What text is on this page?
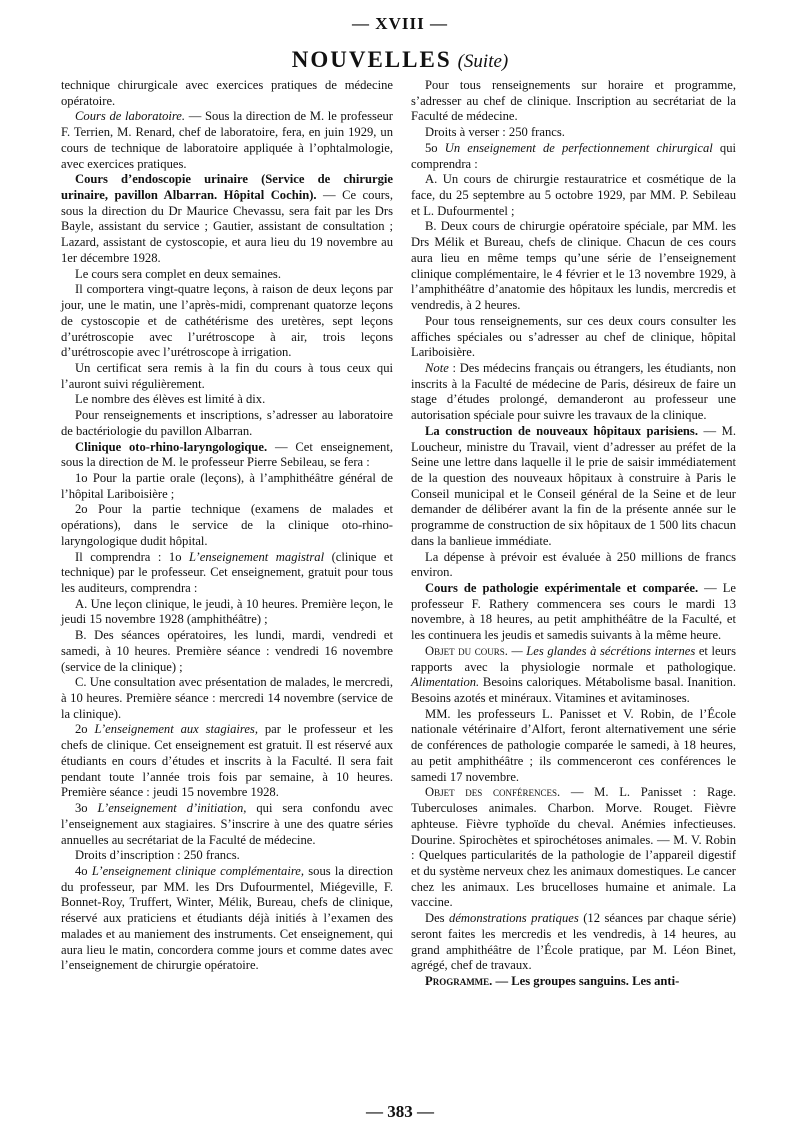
— XVIII —
NOUVELLES (Suite)

technique chirurgicale avec exercices pratiques de médecine opératoire.

Cours de laboratoire. — Sous la direction de M. le professeur F. Terrien, M. Renard, chef de laboratoire, fera, en juin 1929, un cours de technique de laboratoire appliquée à l’ophtalmologie, avec exercices pratiques.

Cours d’endoscopie urinaire (Service de chirurgie urinaire, pavillon Albarran. Hôpital Cochin). — Ce cours, sous la direction du Dr Maurice Chevassu, sera fait par les Drs Bayle, assistant du service ; Gautier, assistant de consultation ; Lazard, assistant de cystoscopie, et aura lieu du 19 novembre au 1er décembre 1928.

Le cours sera complet en deux semaines.

Il comportera vingt-quatre leçons, à raison de deux leçons par jour, une le matin, une l’après-midi, comprenant quatorze leçons de cystoscopie et de cathétérisme des uretères, sept leçons d’urétroscopie avec l’urétroscope à air, trois leçons d’urétroscopie avec l’urétroscope à irrigation.

Un certificat sera remis à la fin du cours à tous ceux qui l’auront suivi régulièrement.

Le nombre des élèves est limité à dix.

Pour renseignements et inscriptions, s’adresser au laboratoire de bactériologie du pavillon Albarran.

Clinique oto-rhino-laryngologique. — Cet enseignement, sous la direction de M. le professeur Pierre Sebileau, se fera :

1o Pour la partie orale (leçons), à l’amphithéâtre général de l’hôpital Lariboisière ;

2o Pour la partie technique (examens de malades et opérations), dans le service de la clinique oto-rhino-laryngologique dudit hôpital.

Il comprendra : 1o L’enseignement magistral (clinique et technique) par le professeur. Cet enseignement, gratuit pour tous les auditeurs, comprendra :

A. Une leçon clinique, le jeudi, à 10 heures. Première leçon, le jeudi 15 novembre 1928 (amphithéâtre) ;

B. Des séances opératoires, les lundi, mardi, vendredi et samedi, à 10 heures. Première séance : vendredi 16 novembre (service de la clinique) ;

C. Une consultation avec présentation de malades, le mercredi, à 10 heures. Première séance : mercredi 14 novembre (service de la clinique).

2o L’enseignement aux stagiaires, par le professeur et les chefs de clinique. Cet enseignement est gratuit. Il est réservé aux étudiants en cours d’études et inscrits à la Faculté. Il sera fait pendant toute l’année trois fois par semaine, à 10 heures. Première séance : jeudi 15 novembre 1928.

3o L’enseignement d’initiation, qui sera confondu avec l’enseignement aux stagiaires. S’inscrire à une des quatre séries annuelles au secrétariat de la Faculté de médecine.

Droits d’inscription : 250 francs.

4o L’enseignement clinique complémentaire, sous la direction du professeur, par MM. les Drs Dufourmentel, Miégeville, F. Bonnet-Roy, Truffert, Winter, Mélik, Bureau, chefs de clinique, réservé aux praticiens et étudiants déjà initiés à l’examen des malades et au maniement des instruments. Cet enseignement, qui aura lieu le matin, concordera comme jours et comme dates avec l’enseignement de chirurgie opératoire.

Pour tous renseignements sur horaire et programme, s’adresser au chef de clinique. Inscription au secrétariat de la Faculté de médecine.

Droits à verser : 250 francs.

5o Un enseignement de perfectionnement chirurgical qui comprendra :

A. Un cours de chirurgie restauratrice et cosmétique de la face, du 25 septembre au 5 octobre 1929, par MM. P. Sebileau et L. Dufourmentel ;

B. Deux cours de chirurgie opératoire spéciale, par MM. les Drs Mélik et Bureau, chefs de clinique. Chacun de ces cours aura lieu en même temps qu’une série de l’enseignement clinique complémentaire, le 4 février et le 13 novembre 1929, à l’amphithéâtre d’anatomie des hôpitaux les lundis, mercredis et vendredis, à 2 heures.

Pour tous renseignements, sur ces deux cours consulter les affiches spéciales ou s’adresser au chef de clinique, hôpital Lariboisière.

Note : Des médecins français ou étrangers, les étudiants, non inscrits à la Faculté de médecine de Paris, désireux de faire un stage d’études prolongé, demanderont au professeur une autorisation spéciale pour suivre les travaux de la clinique.

La construction de nouveaux hôpitaux parisiens. — M. Loucheur, ministre du Travail, vient d’adresser au préfet de la Seine une lettre dans laquelle il le prie de saisir immédiatement de la question des nouveaux hôpitaux à construire à Paris le Conseil municipal et le Conseil général de la Seine et de leur demander de délibérer avant la fin de la présente année sur le programme de construction de six hôpitaux de 1 500 lits chacun dans la banlieue immédiate.

La dépense à prévoir est évaluée à 250 millions de francs environ.

Cours de pathologie expérimentale et comparée. — Le professeur F. Rathery commencera ses cours le mardi 13 novembre, à 18 heures, au petit amphithéâtre de la Faculté, et les continuera les jeudis et samedis suivants à la même heure.

Objet du cours. — Les glandes à sécrétions internes et leurs rapports avec la physiologie normale et pathologique. Alimentation. Besoins caloriques. Métabolisme basal. Inanition. Besoins azotés et minéraux. Vitamines et avitaminoses.

MM. les professeurs L. Panisset et V. Robin, de l’École nationale vétérinaire d’Alfort, feront alternativement une série de conférences de pathologie comparée le samedi, à 18 heures, au petit amphithéâtre ; ils commenceront ces conférences le samedi 17 novembre.

Objet des conférences. — M. L. Panisset : Rage. Tuberculoses animales. Charbon. Morve. Rouget. Fièvre aphteuse. Fièvre typhoïde du cheval. Anémies infectieuses. Dourine. Spirochètes et spirochétoses animales. — M. V. Robin : Quelques particularités de la pathologie de l’appareil digestif et du système nerveux chez les animaux domestiques. Le cancer chez les animaux. Les brucelloses humaine et animale. La vaccine.

Des démonstrations pratiques (12 séances par chaque série) seront faites les mercredis et les vendredis, à 14 heures, au grand amphithéâtre de l’École pratique, par M. Léon Binet, agrégé, chef de travaux.

Programme. — Les groupes sanguins. Les anti-

— 383 —
